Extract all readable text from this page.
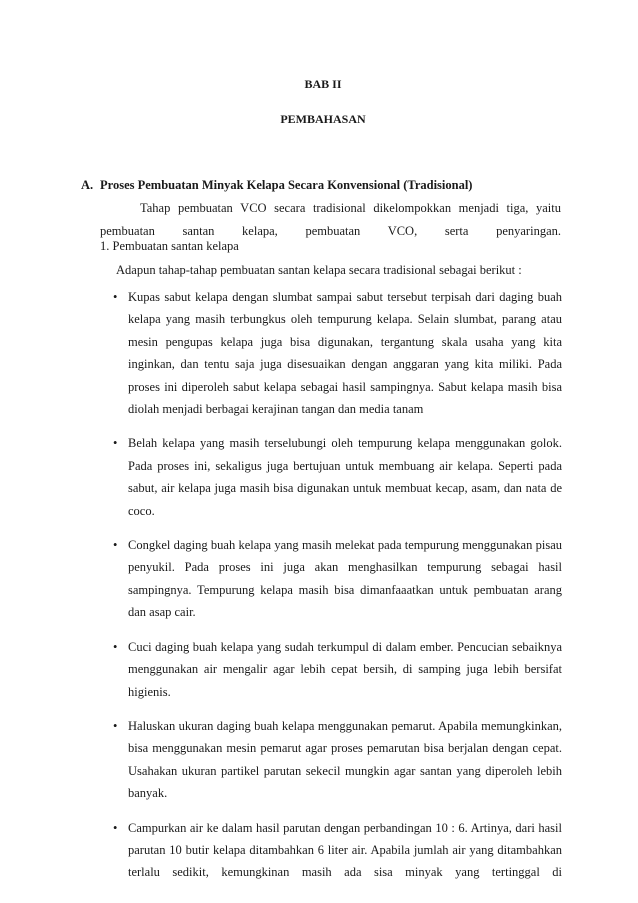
BAB II
PEMBAHASAN
A. Proses Pembuatan Minyak Kelapa Secara Konvensional (Tradisional)
Tahap pembuatan VCO secara tradisional dikelompokkan menjadi tiga, yaitu pembuatan santan kelapa, pembuatan VCO, serta penyaringan.
1. Pembuatan santan kelapa
Adapun tahap-tahap pembuatan santan kelapa secara tradisional sebagai berikut :
• Kupas sabut kelapa dengan slumbat sampai sabut tersebut terpisah dari daging buah kelapa yang masih terbungkus oleh tempurung kelapa. Selain slumbat, parang atau mesin pengupas kelapa juga bisa digunakan, tergantung skala usaha yang kita inginkan, dan tentu saja juga disesuaikan dengan anggaran yang kita miliki. Pada proses ini diperoleh sabut kelapa sebagai hasil sampingnya. Sabut kelapa masih bisa diolah menjadi berbagai kerajinan tangan dan media tanam
• Belah kelapa yang masih terselubungi oleh tempurung kelapa menggunakan golok. Pada proses ini, sekaligus juga bertujuan untuk membuang air kelapa. Seperti pada sabut, air kelapa juga masih bisa digunakan untuk membuat kecap, asam, dan nata de coco.
• Congkel daging buah kelapa yang masih melekat pada tempurung menggunakan pisau penyukil. Pada proses ini juga akan menghasilkan tempurung sebagai hasil sampingnya. Tempurung kelapa masih bisa dimanfaaatkan untuk pembuatan arang dan asap cair.
• Cuci daging buah kelapa yang sudah terkumpul di dalam ember. Pencucian sebaiknya menggunakan air mengalir agar lebih cepat bersih, di samping juga lebih bersifat higienis.
• Haluskan ukuran daging buah kelapa menggunakan pemarut. Apabila memungkinkan, bisa menggunakan mesin pemarut agar proses pemarutan bisa berjalan dengan cepat. Usahakan ukuran partikel parutan sekecil mungkin agar santan yang diperoleh lebih banyak.
• Campurkan air ke dalam hasil parutan dengan perbandingan 10 : 6. Artinya, dari hasil parutan 10 butir kelapa ditambahkan 6 liter air. Apabila jumlah air yang ditambahkan terlalu sedikit, kemungkinan masih ada sisa minyak yang tertinggal di
